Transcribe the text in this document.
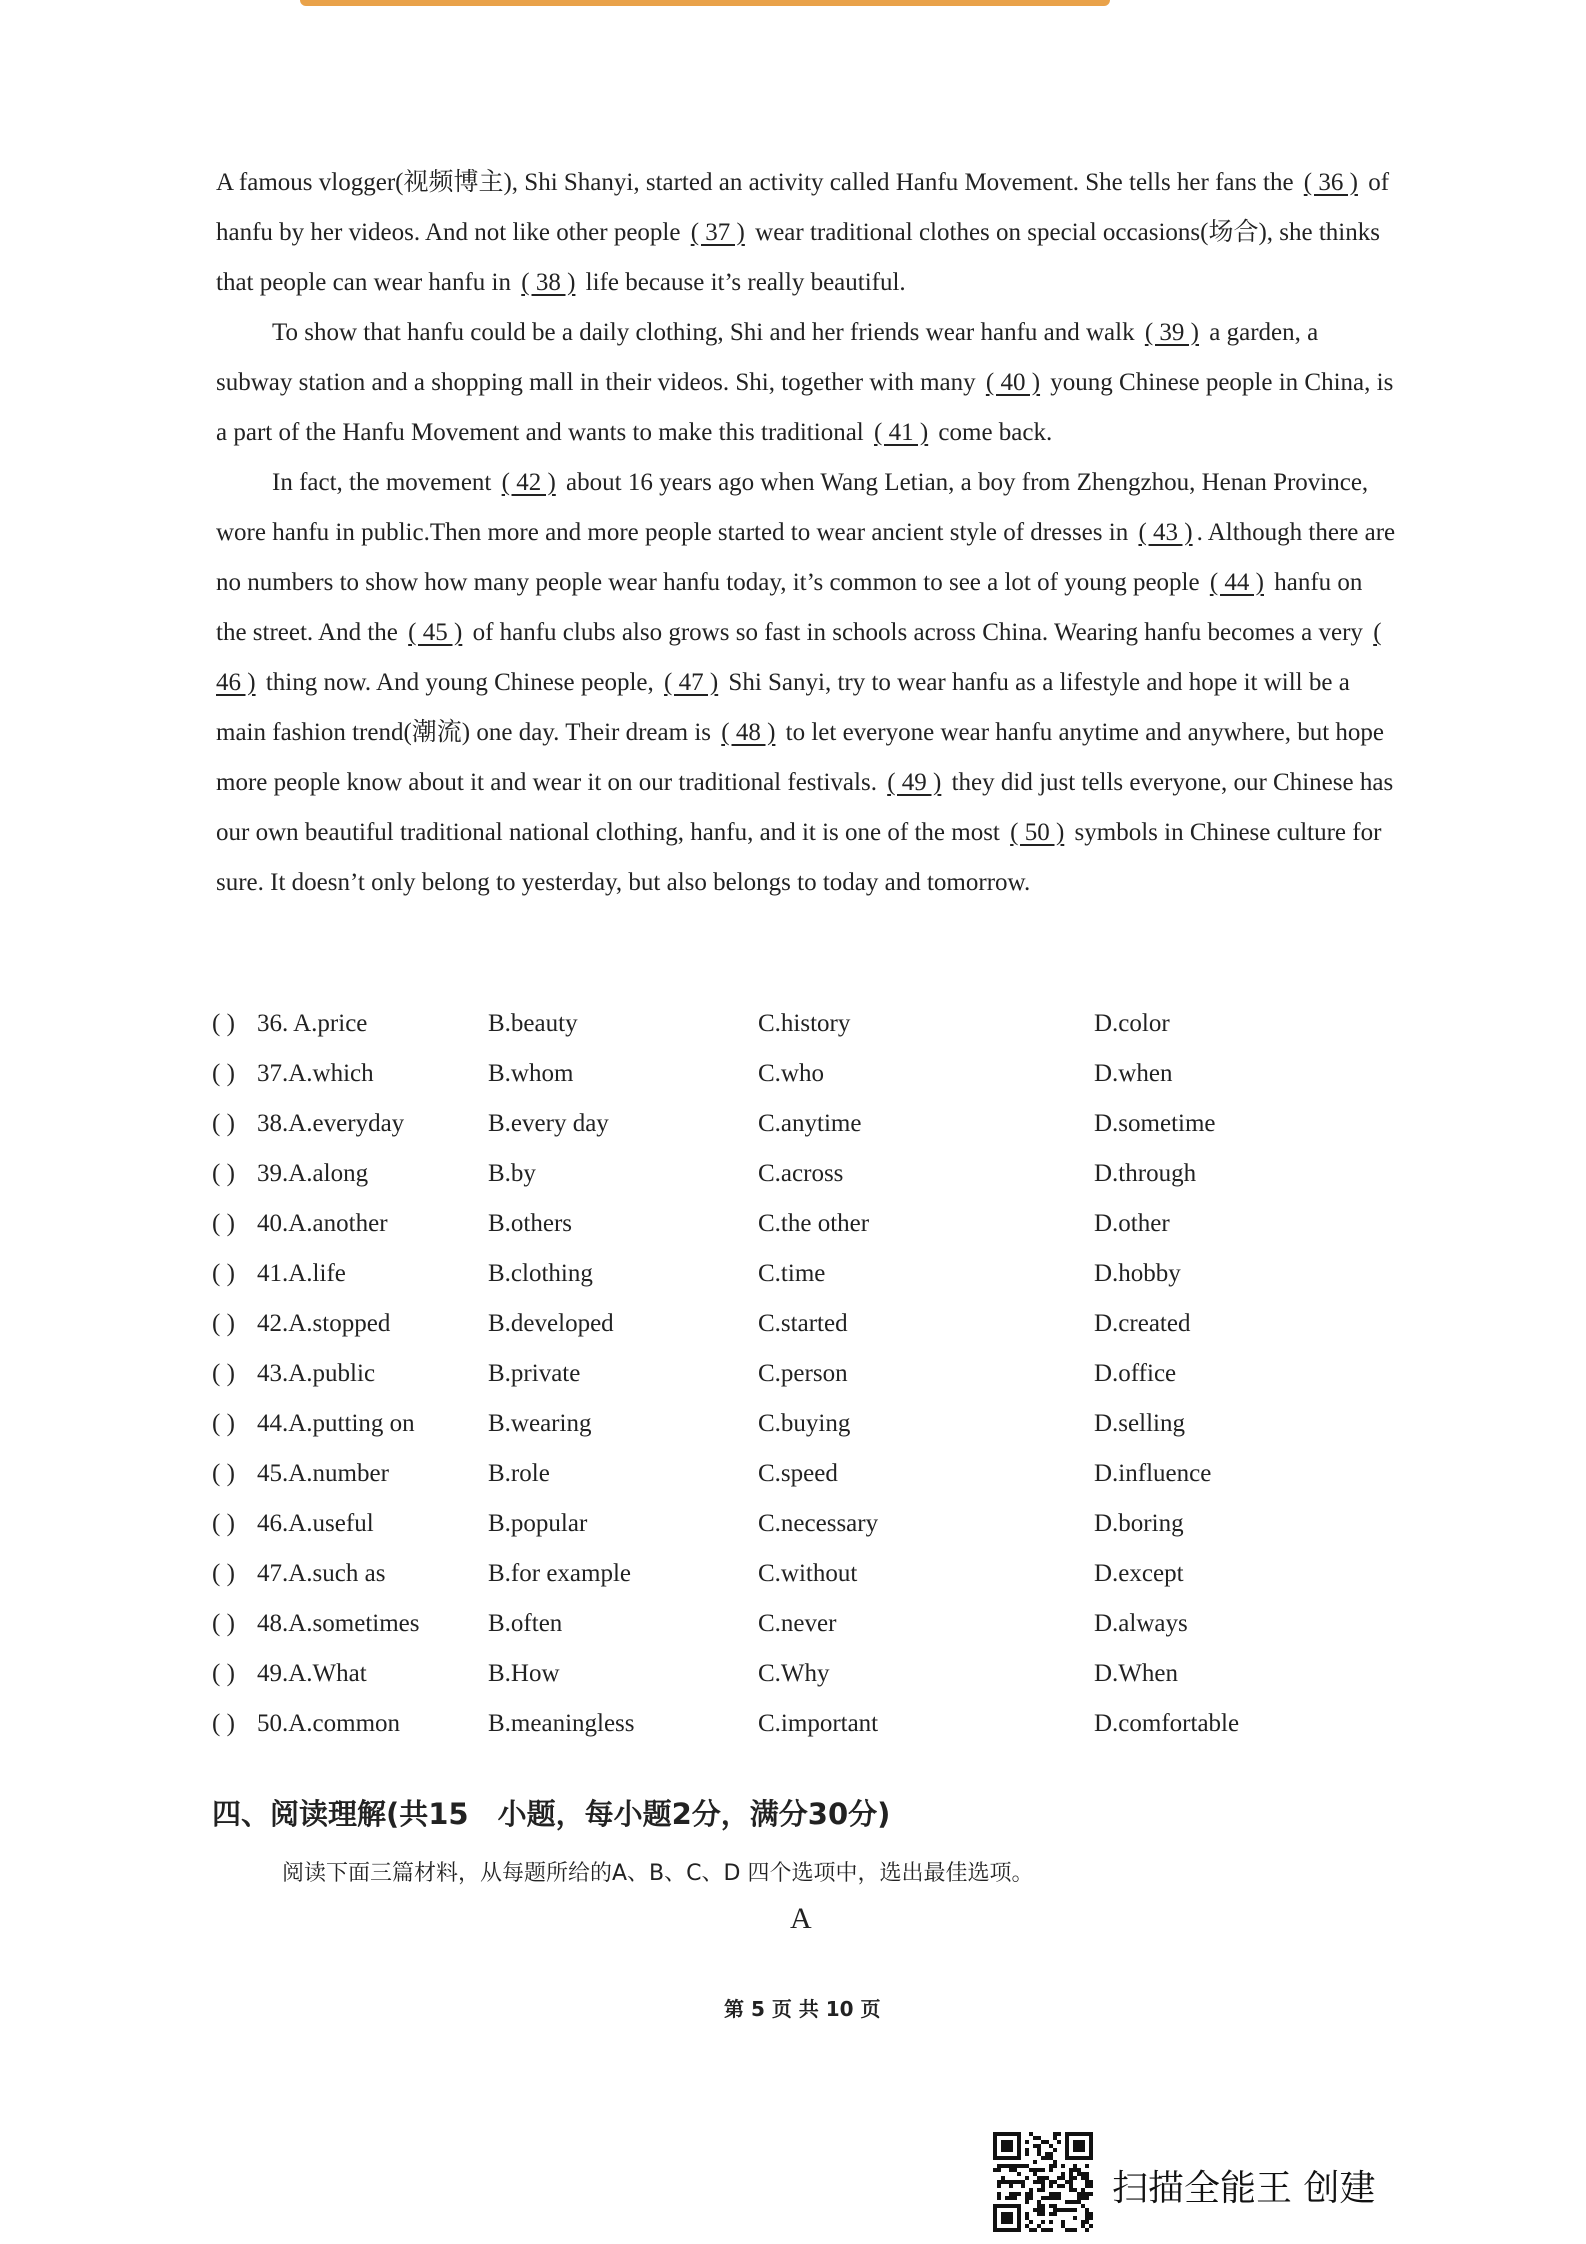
A famous vlogger(视频博主), Shi Shanyi, started an activity called Hanfu Movement. She tells her fans the ( 36 ) of hanfu by her videos. And not like other people ( 37 ) wear traditional clothes on special occasions(场合), she thinks that people can wear hanfu in ( 38 ) life because it’s really beautiful.

To show that hanfu could be a daily clothing, Shi and her friends wear hanfu and walk ( 39 ) a garden, a subway station and a shopping mall in their videos. Shi, together with many ( 40 ) young Chinese people in China, is a part of the Hanfu Movement and wants to make this traditional ( 41 ) come back.

In fact, the movement ( 42 ) about 16 years ago when Wang Letian, a boy from Zhengzhou, Henan Province, wore hanfu in public.Then more and more people started to wear ancient style of dresses in ( 43 ) . Although there are no numbers to show how many people wear hanfu today, it’s common to see a lot of young people ( 44 ) hanfu on the street. And the ( 45 ) of hanfu clubs also grows so fast in schools across China. Wearing hanfu becomes a very ( 46 ) thing now. And young Chinese people, ( 47 ) Shi Sanyi, try to wear hanfu as a lifestyle and hope it will be a main fashion trend(潮流) one day. Their dream is ( 48 ) to let everyone wear hanfu anytime and anywhere, but hope more people know about it and wear it on our traditional festivals. ( 49 ) they did just tells everyone, our Chinese has our own beautiful traditional national clothing, hanfu, and it is one of the most ( 50 ) symbols in Chinese culture for sure. It doesn’t only belong to yesterday, but also belongs to today and tomorrow.

( ) 36. A.price	B.beauty	C.history	D.color
( ) 37.A.which	B.whom	C.who	D.when
( ) 38.A.everyday	B.every day	C.anytime	D.sometime
( ) 39.A.along	B.by	C.across	D.through
( ) 40.A.another	B.others	C.the other	D.other
( ) 41.A.life	B.clothing	C.time	D.hobby
( ) 42.A.stopped	B.developed	C.started	D.created
( ) 43.A.public	B.private	C.person	D.office
( ) 44.A.putting on	B.wearing	C.buying	D.selling
( ) 45.A.number	B.role	C.speed	D.influence
( ) 46.A.useful	B.popular	C.necessary	D.boring
( ) 47.A.such as	B.for example	C.without	D.except
( ) 48.A.sometimes	B.often	C.never	D.always
( ) 49.A.What	B.How	C.Why	D.When
( ) 50.A.common	B.meaningless	C.important	D.comfortable
四、阅读理解(共15　小题，每小题2分，满分30分)
阅读下面三篇材料，从每题所给的A、B、C、D 四个选项中，选出最佳选项。
A
第 5 页 共 10 页
扫描全能王 创建
